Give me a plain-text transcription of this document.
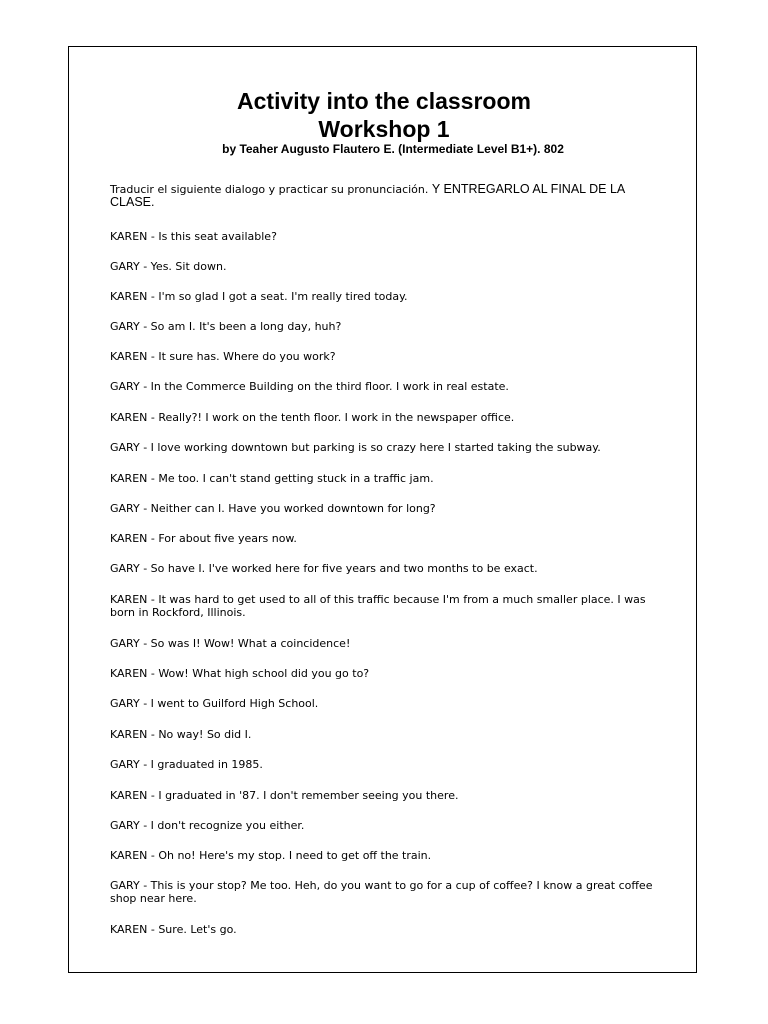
Activity into the classroom
Workshop 1
by Teaher Augusto Flautero E. (Intermediate Level B1+). 802
Traducir el siguiente dialogo y practicar su pronunciación. Y ENTREGARLO AL FINAL DE LA CLASE.
KAREN - Is this seat available?
GARY - Yes. Sit down.
KAREN - I'm so glad I got a seat. I'm really tired today.
GARY - So am I. It's been a long day, huh?
KAREN - It sure has. Where do you work?
GARY - In the Commerce Building on the third floor. I work in real estate.
KAREN - Really?! I work on the tenth floor. I work in the newspaper office.
GARY - I love working downtown but parking is so crazy here I started taking the subway.
KAREN - Me too. I can't stand getting stuck in a traffic jam.
GARY - Neither can I. Have you worked downtown for long?
KAREN - For about five years now.
GARY - So have I. I've worked here for five years and two months to be exact.
KAREN - It was hard to get used to all of this traffic because I'm from a much smaller place. I was born in Rockford, Illinois.
GARY - So was I! Wow! What a coincidence!
KAREN - Wow! What high school did you go to?
GARY - I went to Guilford High School.
KAREN - No way! So did I.
GARY - I graduated in 1985.
KAREN - I graduated in '87. I don't remember seeing you there.
GARY - I don't recognize you either.
KAREN - Oh no! Here's my stop. I need to get off the train.
GARY - This is your stop? Me too. Heh, do you want to go for a cup of coffee? I know a great coffee shop near here.
KAREN - Sure. Let's go.
